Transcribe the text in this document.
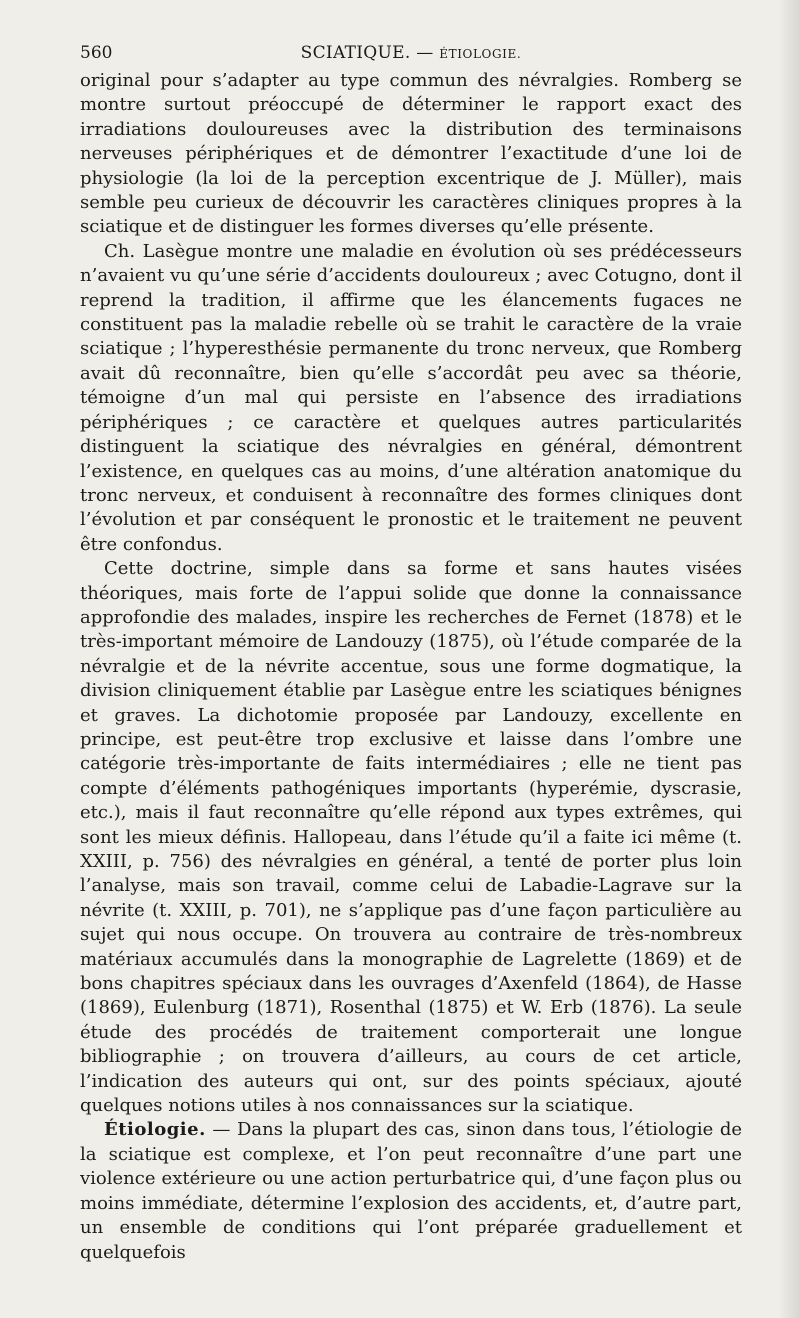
560	SCIATIQUE. — ÉTIOLOGIE.

original pour s’adapter au type commun des névralgies. Romberg se montre surtout préoccupé de déterminer le rapport exact des irradiations douloureuses avec la distribution des terminaisons nerveuses périphériques et de démontrer l’exactitude d’une loi de physiologie (la loi de la perception excentrique de J. Müller), mais semble peu curieux de découvrir les caractères cliniques propres à la sciatique et de distinguer les formes diverses qu’elle présente.

Ch. Lasègue montre une maladie en évolution où ses prédécesseurs n’avaient vu qu’une série d’accidents douloureux ; avec Cotugno, dont il reprend la tradition, il affirme que les élancements fugaces ne constituent pas la maladie rebelle où se trahit le caractère de la vraie sciatique ; l’hyperesthésie permanente du tronc nerveux, que Romberg avait dû reconnaître, bien qu’elle s’accordât peu avec sa théorie, témoigne d’un mal qui persiste en l’absence des irradiations périphériques ; ce caractère et quelques autres particularités distinguent la sciatique des névralgies en général, démontrent l’existence, en quelques cas au moins, d’une altération anatomique du tronc nerveux, et conduisent à reconnaître des formes cliniques dont l’évolution et par conséquent le pronostic et le traitement ne peuvent être confondus.

Cette doctrine, simple dans sa forme et sans hautes visées théoriques, mais forte de l’appui solide que donne la connaissance approfondie des malades, inspire les recherches de Fernet (1878) et le très-important mémoire de Landouzy (1875), où l’étude comparée de la névralgie et de la névrite accentue, sous une forme dogmatique, la division cliniquement établie par Lasègue entre les sciatiques bénignes et graves. La dichotomie proposée par Landouzy, excellente en principe, est peut-être trop exclusive et laisse dans l’ombre une catégorie très-importante de faits intermédiaires ; elle ne tient pas compte d’éléments pathogéniques importants (hyperémie, dyscrasie, etc.), mais il faut reconnaître qu’elle répond aux types extrêmes, qui sont les mieux définis. Hallopeau, dans l’étude qu’il a faite ici même (t. XXIII, p. 756) des névralgies en général, a tenté de porter plus loin l’analyse, mais son travail, comme celui de Labadie-Lagrave sur la névrite (t. XXIII, p. 701), ne s’applique pas d’une façon particulière au sujet qui nous occupe. On trouvera au contraire de très-nombreux matériaux accumulés dans la monographie de Lagrelette (1869) et de bons chapitres spéciaux dans les ouvrages d’Axenfeld (1864), de Hasse (1869), Eulenburg (1871), Rosenthal (1875) et W. Erb (1876). La seule étude des procédés de traitement comporterait une longue bibliographie ; on trouvera d’ailleurs, au cours de cet article, l’indication des auteurs qui ont, sur des points spéciaux, ajouté quelques notions utiles à nos connaissances sur la sciatique.

Étiologie. — Dans la plupart des cas, sinon dans tous, l’étiologie de la sciatique est complexe, et l’on peut reconnaître d’une part une violence extérieure ou une action perturbatrice qui, d’une façon plus ou moins immédiate, détermine l’explosion des accidents, et, d’autre part, un ensemble de conditions qui l’ont préparée graduellement et quelquefois
